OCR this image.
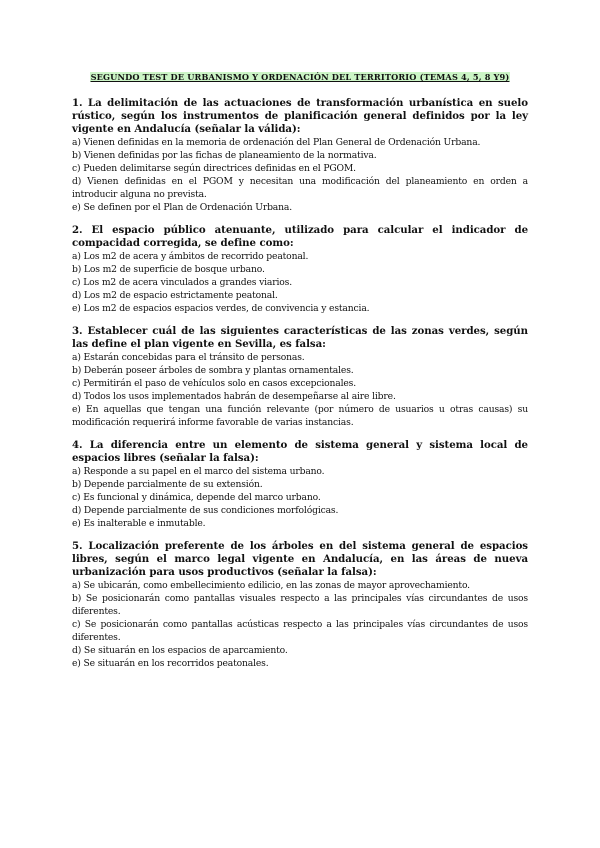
SEGUNDO TEST DE URBANISMO Y ORDENACIÓN DEL TERRITORIO (TEMAS 4, 5, 8 Y9)

1. La delimitación de las actuaciones de transformación urbanística en suelo rústico, según los instrumentos de planificación general definidos por la ley vigente en Andalucía (señalar la válida):

a) Vienen definidas en la memoria de ordenación del Plan General de Ordenación Urbana.

b) Vienen definidas por las fichas de planeamiento de la normativa.

c) Pueden delimitarse según directrices definidas en el PGOM.

d) Vienen definidas en el PGOM y necesitan una modificación del planeamiento en orden a introducir alguna no prevista.

e) Se definen por el Plan de Ordenación Urbana.

2. El espacio público atenuante, utilizado para calcular el indicador de compacidad corregida, se define como:

a) Los m2 de acera y ámbitos de recorrido peatonal.

b) Los m2 de superficie de bosque urbano.

c) Los m2 de acera vinculados a grandes viarios.

d) Los m2 de espacio estrictamente peatonal.

e) Los m2 de espacios espacios verdes, de convivencia y estancia.

3. Establecer cuál de las siguientes características de las zonas verdes, según las define el plan vigente en Sevilla, es falsa:

a) Estarán concebidas para el tránsito de personas.

b) Deberán poseer árboles de sombra y plantas ornamentales.

c) Permitirán el paso de vehículos solo en casos excepcionales.

d) Todos los usos implementados habrán de desempeñarse al aire libre.

e) En aquellas que tengan una función relevante (por número de usuarios u otras causas) su modificación requerirá informe favorable de varias instancias.

4. La diferencia entre un elemento de sistema general y sistema local de espacios libres (señalar la falsa):

a) Responde a su papel en el marco del sistema urbano.

b) Depende parcialmente de su extensión.

c) Es funcional y dinámica, depende del marco urbano.

d) Depende parcialmente de sus condiciones morfológicas.

e) Es inalterable e inmutable.

5. Localización preferente de los árboles en del sistema general de espacios libres, según el marco legal vigente en Andalucía, en las áreas de nueva urbanización para usos productivos (señalar la falsa):

a) Se ubicarán, como embellecimiento edilicio, en las zonas de mayor aprovechamiento.

b) Se posicionarán como pantallas visuales respecto a las principales vías circundantes de usos diferentes.

c) Se posicionarán como pantallas acústicas respecto a las principales vías circundantes de usos diferentes.

d) Se situarán en los espacios de aparcamiento.

e) Se situarán en los recorridos peatonales.
